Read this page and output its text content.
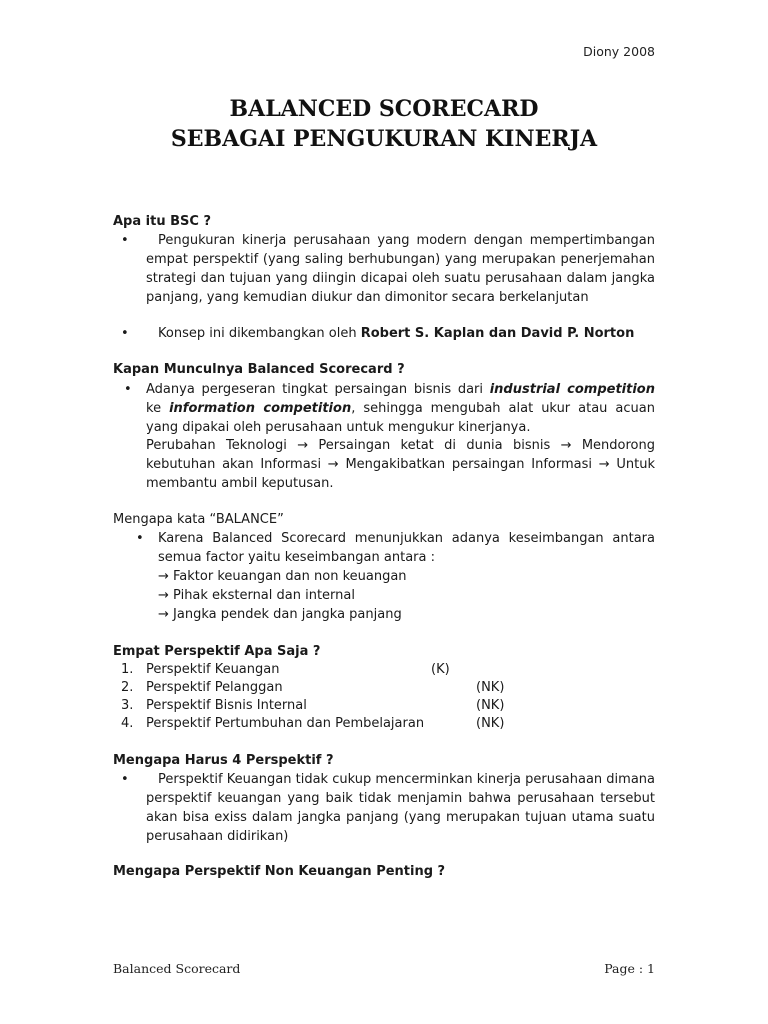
Diony 2008
BALANCED SCORECARD
SEBAGAI PENGUKURAN KINERJA
Apa itu BSC ?
•	Pengukuran kinerja perusahaan yang modern dengan mempertimbangan empat perspektif (yang saling berhubungan) yang merupakan penerjemahan strategi dan tujuan yang diingin dicapai oleh suatu perusahaan dalam jangka panjang, yang kemudian diukur dan dimonitor secara berkelanjutan
• Konsep ini dikembangkan oleh Robert S. Kaplan dan David P. Norton
Kapan Munculnya Balanced Scorecard ?
• Adanya pergeseran tingkat persaingan bisnis dari industrial competition ke information competition, sehingga mengubah alat ukur atau acuan yang dipakai oleh perusahaan untuk mengukur kinerjanya.
Perubahan Teknologi → Persaingan ketat di dunia bisnis → Mendorong kebutuhan akan Informasi → Mengakibatkan persaingan Informasi → Untuk membantu ambil keputusan.
Mengapa kata “BALANCE”
• Karena Balanced Scorecard menunjukkan adanya keseimbangan antara semua factor yaitu keseimbangan antara :
→ Faktor keuangan dan non keuangan
→ Pihak eksternal dan internal
→ Jangka pendek dan jangka panjang
Empat Perspektif Apa Saja ?
1. Perspektif Keuangan	(K)
2. Perspektif Pelanggan	(NK)
3. Perspektif Bisnis Internal	(NK)
4. Perspektif Pertumbuhan dan Pembelajaran	(NK)
Mengapa Harus 4 Perspektif ?
•	Perspektif Keuangan tidak cukup mencerminkan kinerja perusahaan dimana perspektif keuangan yang baik tidak menjamin bahwa perusahaan tersebut akan bisa exiss dalam jangka panjang (yang merupakan tujuan utama suatu perusahaan didirikan)
Mengapa Perspektif Non Keuangan Penting ?
Balanced Scorecard	Page : 1
